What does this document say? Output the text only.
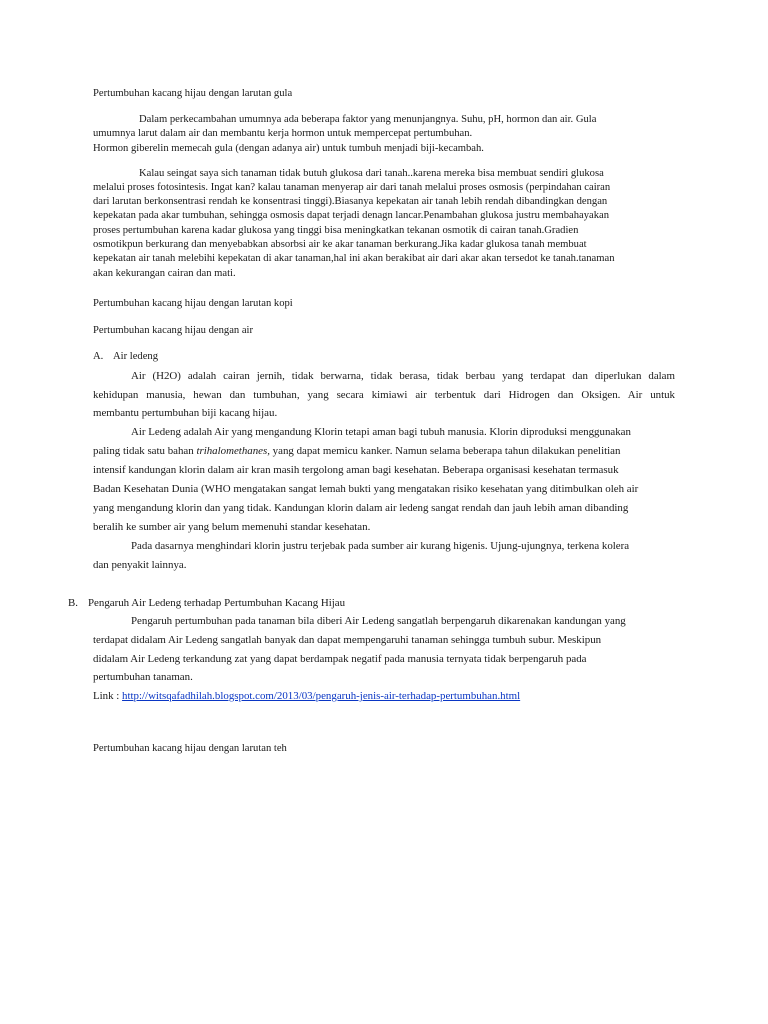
Pertumbuhan kacang hijau dengan larutan gula

Dalam perkecambahan umumnya ada beberapa faktor yang menunjangnya. Suhu, pH, hormon dan air. Gula

umumnya larut dalam air dan membantu kerja hormon untuk mempercepat pertumbuhan.

Hormon giberelin memecah gula (dengan adanya air) untuk tumbuh menjadi biji-kecambah.

Kalau seingat saya sich tanaman tidak butuh glukosa dari tanah..karena mereka bisa membuat sendiri glukosa

melalui proses fotosintesis. Ingat kan? kalau tanaman menyerap air dari tanah melalui proses osmosis (perpindahan cairan

dari larutan berkonsentrasi rendah ke konsentrasi tinggi).Biasanya kepekatan air tanah lebih rendah dibandingkan dengan

kepekatan pada akar tumbuhan, sehingga osmosis dapat terjadi denagn lancar.Penambahan glukosa justru membahayakan

proses pertumbuhan karena kadar glukosa yang tinggi bisa meningkatkan tekanan osmotik di cairan tanah.Gradien

osmotikpun berkurang dan menyebabkan absorbsi air ke akar tanaman berkurang.Jika kadar glukosa tanah membuat

kepekatan air tanah melebihi kepekatan di akar tanaman,hal ini akan berakibat air dari akar akan tersedot ke tanah.tanaman

akan kekurangan cairan dan mati.

Pertumbuhan kacang hijau dengan larutan kopi

Pertumbuhan kacang hijau dengan air

A. Air ledeng

Air (H2O) adalah cairan jernih, tidak berwarna, tidak berasa, tidak berbau yang terdapat dan diperlukan dalam

kehidupan manusia, hewan dan tumbuhan, yang secara kimiawi air terbentuk dari Hidrogen dan Oksigen. Air untuk

membantu pertumbuhan biji kacang hijau.

Air Ledeng adalah Air yang mengandung Klorin tetapi aman bagi tubuh manusia. Klorin diproduksi menggunakan

paling tidak satu bahan trihalomethanes, yang dapat memicu kanker. Namun selama beberapa tahun dilakukan penelitian

intensif kandungan klorin dalam air kran masih tergolong aman bagi kesehatan. Beberapa organisasi kesehatan termasuk

Badan Kesehatan Dunia (WHO mengatakan sangat lemah bukti yang mengatakan risiko kesehatan yang ditimbulkan oleh air

yang mengandung klorin dan yang tidak. Kandungan klorin dalam air ledeng sangat rendah dan jauh lebih aman dibanding

beralih ke sumber air yang belum memenuhi standar kesehatan.

Pada dasarnya menghindari klorin justru terjebak pada sumber air kurang higenis. Ujung-ujungnya, terkena kolera

dan penyakit lainnya.

B. Pengaruh Air Ledeng terhadap Pertumbuhan Kacang Hijau

Pengaruh pertumbuhan pada tanaman bila diberi Air Ledeng sangatlah berpengaruh dikarenakan kandungan yang

terdapat didalam Air Ledeng sangatlah banyak dan dapat mempengaruhi tanaman sehingga tumbuh subur. Meskipun

didalam Air Ledeng terkandung zat yang dapat berdampak negatif pada manusia ternyata tidak berpengaruh pada

pertumbuhan tanaman.

Link : http://witsqafadhilah.blogspot.com/2013/03/pengaruh-jenis-air-terhadap-pertumbuhan.html

Pertumbuhan kacang hijau dengan larutan teh
